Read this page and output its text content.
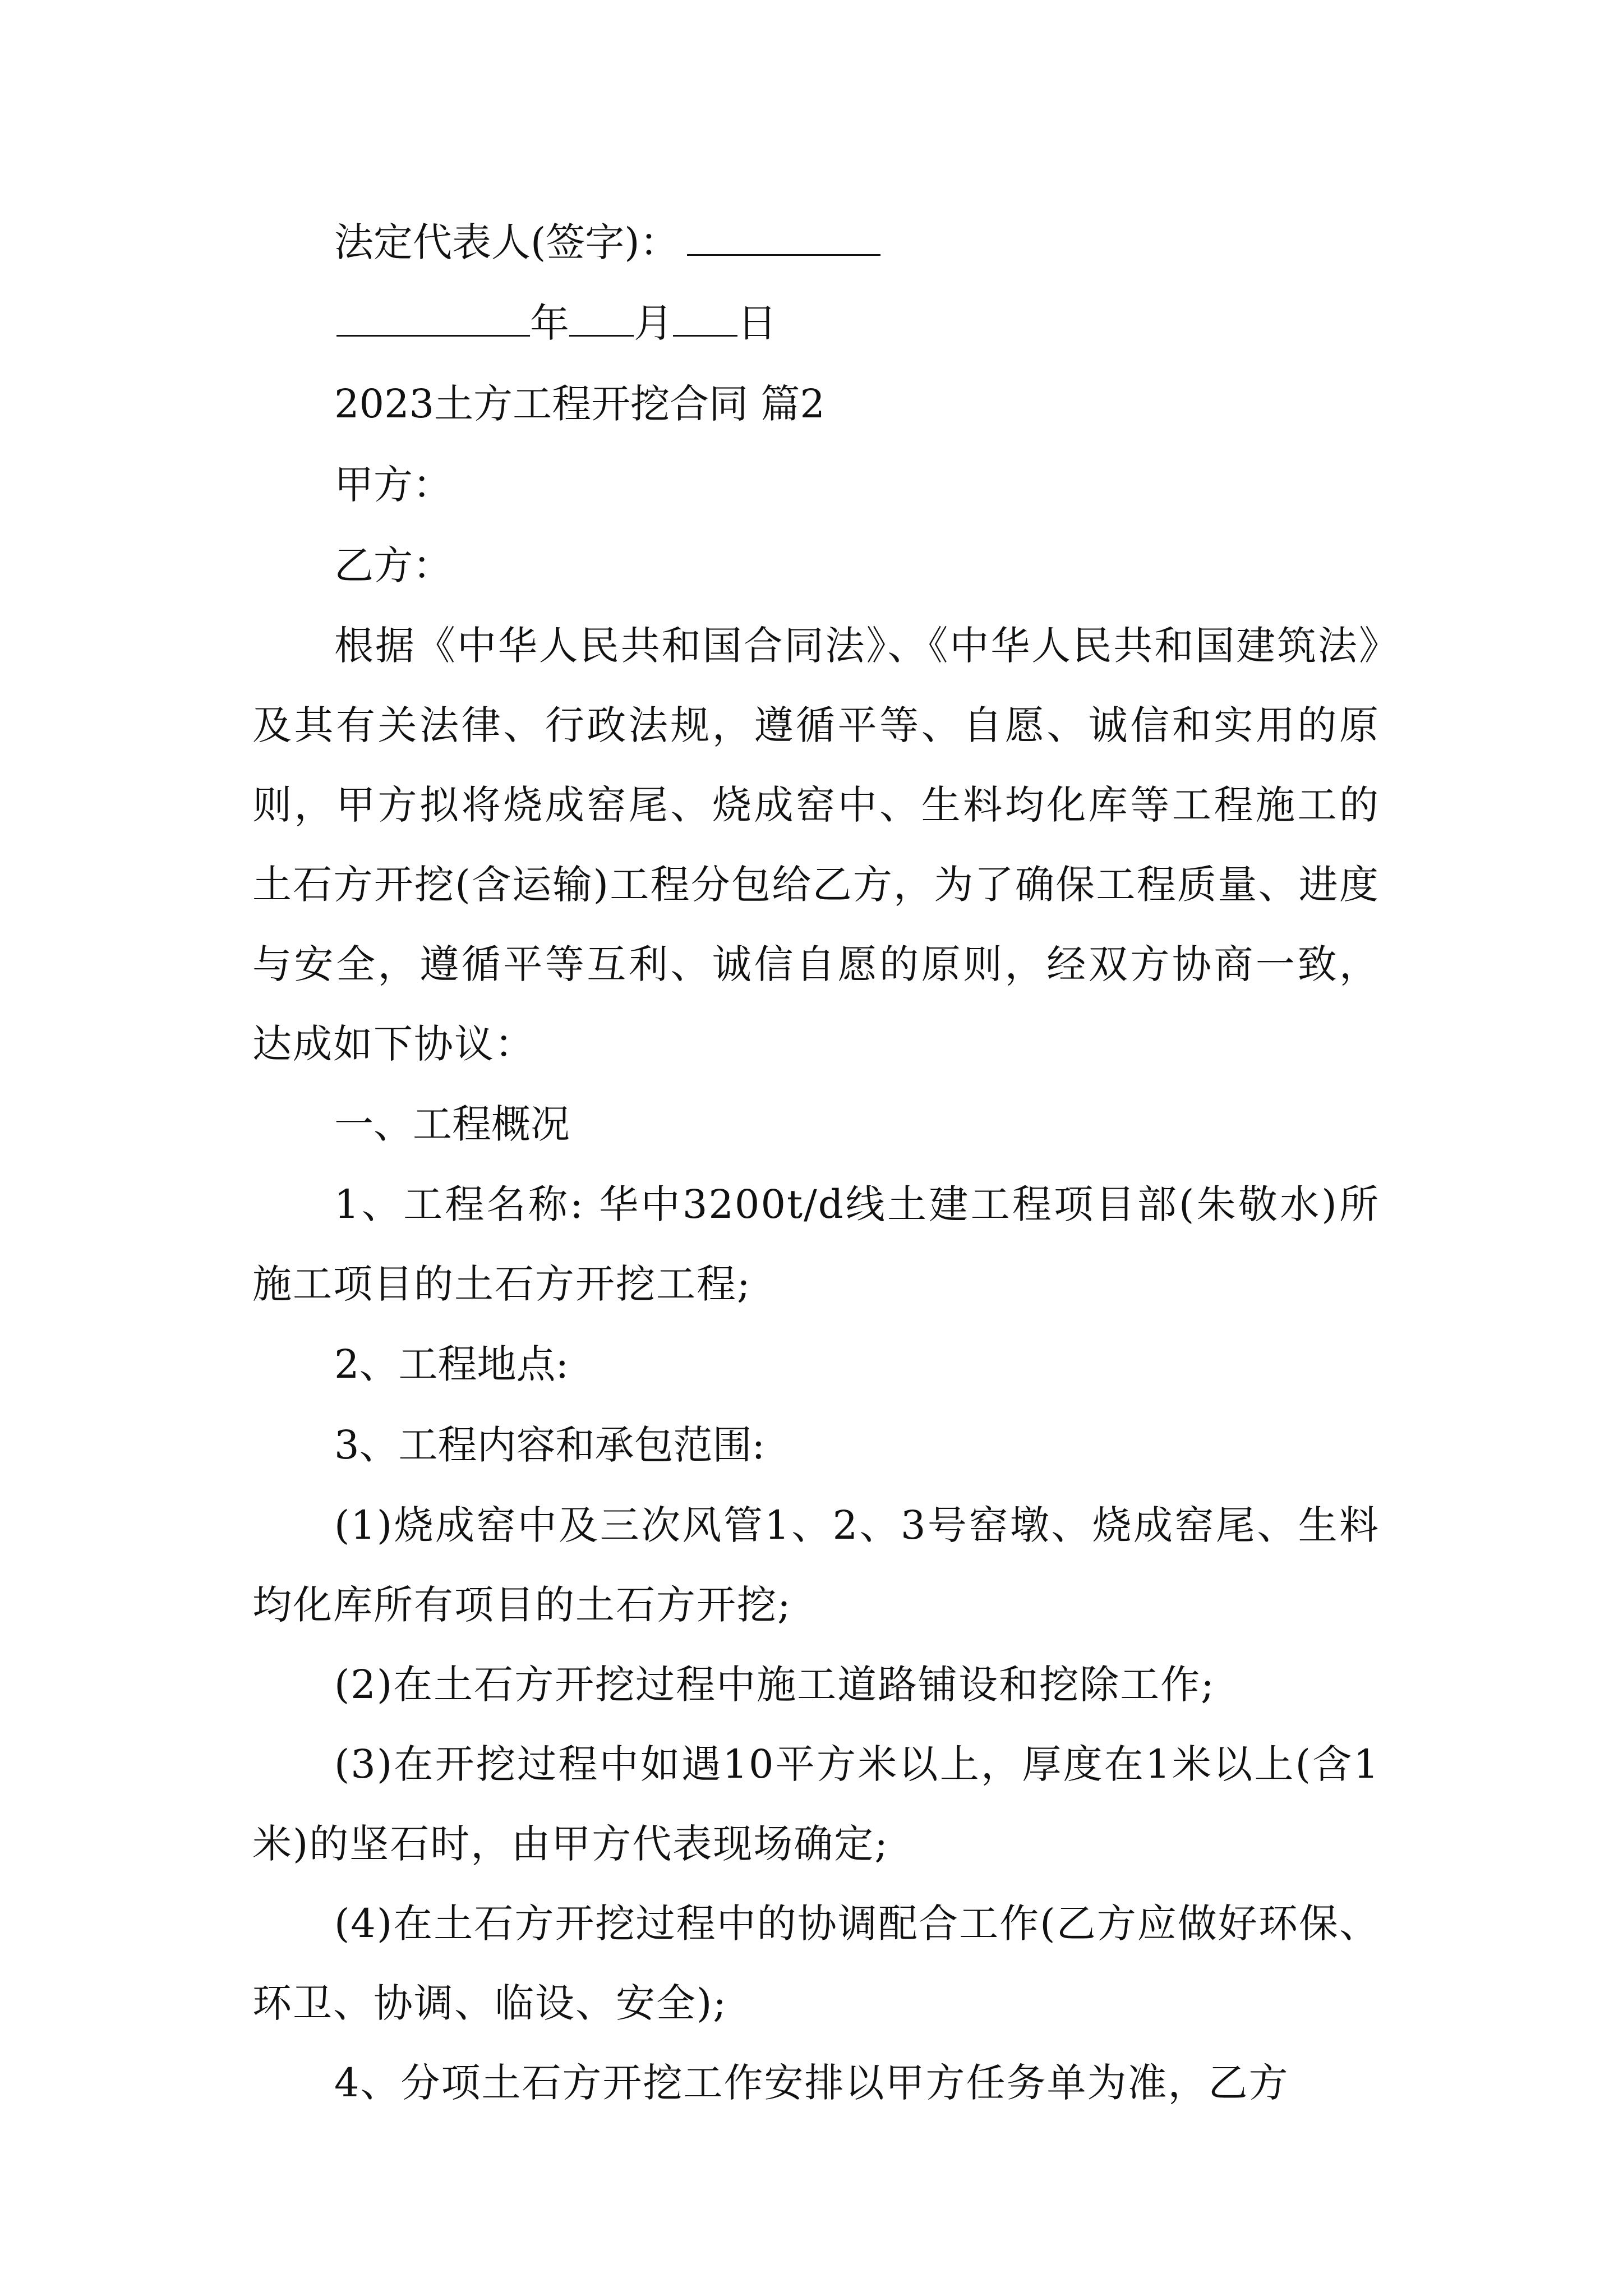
法定代表人(签字)：
年 月 日
2023土方工程开挖合同 篇2
甲方：
乙方：

根据《中华人民共和国合同法》、《中华人民共和国建筑法》及其有关法律、行政法规，遵循平等、自愿、诚信和实用的原则，甲方拟将烧成窑尾、烧成窑中、生料均化库等工程施工的土石方开挖(含运输)工程分包给乙方，为了确保工程质量、进度与安全，遵循平等互利、诚信自愿的原则，经双方协商一致，达成如下协议：

一、工程概况

1、工程名称: 华中3200t/d线土建工程项目部(朱敬水)所施工项目的土石方开挖工程;

2、工程地点:
3、工程内容和承包范围:

(1)烧成窑中及三次风管1、2、3号窑墩、烧成窑尾、生料均化库所有项目的土石方开挖;

(2)在土石方开挖过程中施工道路铺设和挖除工作;

(3)在开挖过程中如遇10平方米以上，厚度在1米以上(含1米)的坚石时，由甲方代表现场确定;

(4)在土石方开挖过程中的协调配合工作(乙方应做好环保、环卫、协调、临设、安全);

4、分项土石方开挖工作安排以甲方任务单为准，乙方
